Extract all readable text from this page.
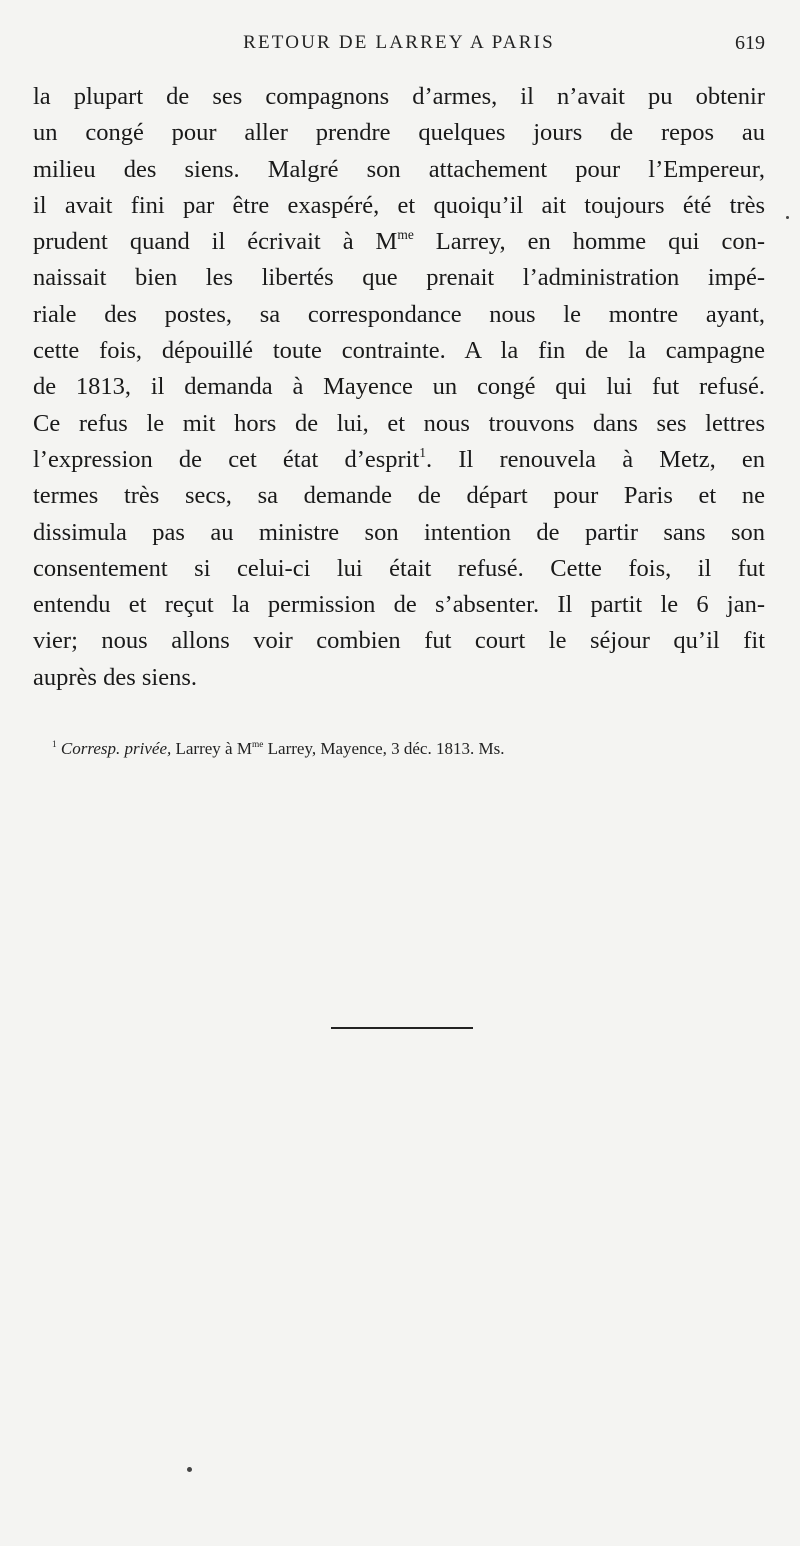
RETOUR DE LARREY A PARIS	619
la plupart de ses compagnons d’armes, il n’avait pu obtenir
un congé pour aller prendre quelques jours de repos au
milieu des siens. Malgré son attachement pour l’Empereur,
il avait fini par être exaspéré, et quoiqu’il ait toujours été très
prudent quand il écrivait à $M^{me}$ Larrey, en homme qui con-
naissait bien les libertés que prenait l’administration impé-
riale des postes, sa correspondance nous le montre ayant,
cette fois, dépouillé toute contrainte. A la fin de la campagne
de 1813, il demanda à Mayence un congé qui lui fut refusé.
Ce refus le mit hors de lui, et nous trouvons dans ses lettres
l’expression de cet état d’esprit$^1$. Il renouvela à Metz, en
termes très secs, sa demande de départ pour Paris et ne
dissimula pas au ministre son intention de partir sans son
consentement si celui-ci lui était refusé. Cette fois, il fut
entendu et reçut la permission de s’absenter. Il partit le 6 jan-
vier; nous allons voir combien fut court le séjour qu’il fit
auprès des siens.
$^1$ Corresp. privée, Larrey à $M^{me}$ Larrey, Mayence, 3 déc. 1813. Ms.
